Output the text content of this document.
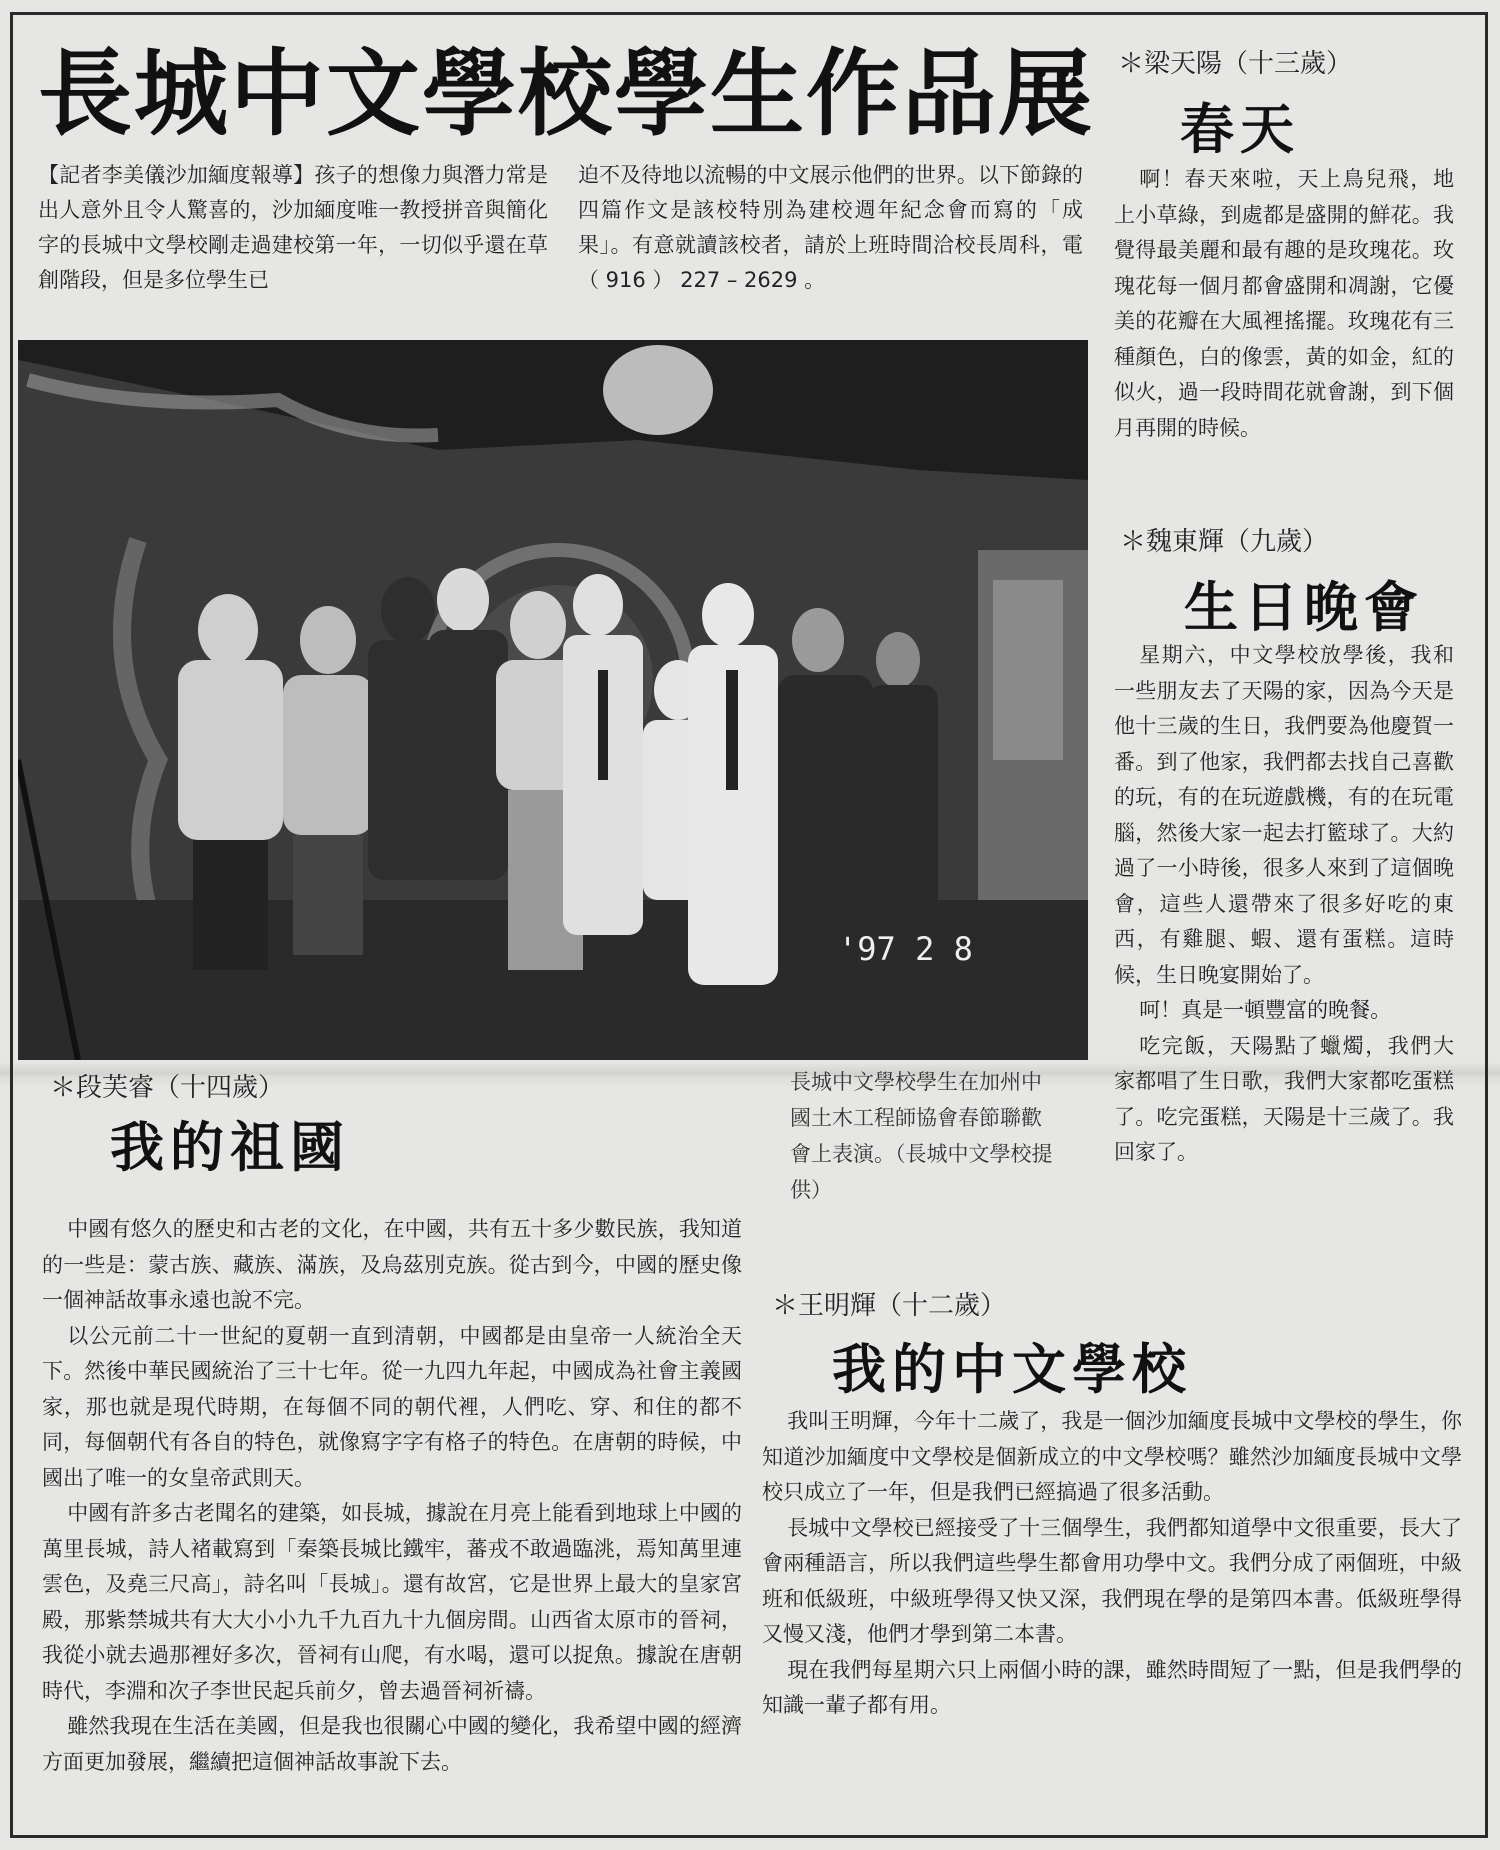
長城中文學校學生作品展
【記者李美儀沙加緬度報導】孩子的想像力與潛力常是出人意外且令人驚喜的，沙加緬度唯一教授拼音與簡化字的長城中文學校剛走過建校第一年，一切似乎還在草創階段，但是多位學生已
迫不及待地以流暢的中文展示他們的世界。以下節錄的四篇作文是該校特別為建校週年紀念會而寫的「成果」。有意就讀該校者，請於上班時間洽校長周科，電（ 916 ） 227 – 2629 。
'97 2 8
長城中文學校學生在加州中國土木工程師協會春節聯歡會上表演。（長城中文學校提供）
＊梁天陽（十三歲）
春天

啊！春天來啦，天上鳥兒飛，地上小草綠，到處都是盛開的鮮花。我覺得最美麗和最有趣的是玫瑰花。玫瑰花每一個月都會盛開和凋謝，它優美的花瓣在大風裡搖擺。玫瑰花有三種顏色，白的像雲，黃的如金，紅的似火，過一段時間花就會謝，到下個月再開的時候。

＊魏東輝（九歲）
生日晚會

星期六，中文學校放學後，我和一些朋友去了天陽的家，因為今天是他十三歲的生日，我們要為他慶賀一番。到了他家，我們都去找自己喜歡的玩，有的在玩遊戲機，有的在玩電腦，然後大家一起去打籃球了。大約過了一小時後，很多人來到了這個晚會，這些人還帶來了很多好吃的東西，有雞腿、蝦、還有蛋糕。這時候，生日晚宴開始了。

呵！真是一頓豐富的晚餐。

吃完飯，天陽點了蠟燭，我們大家都唱了生日歌，我們大家都吃蛋糕了。吃完蛋糕，天陽是十三歲了。我回家了。

＊段芙睿（十四歲）
我的祖國

中國有悠久的歷史和古老的文化，在中國，共有五十多少數民族，我知道的一些是：蒙古族、藏族、滿族，及烏茲別克族。從古到今，中國的歷史像一個神話故事永遠也說不完。

以公元前二十一世紀的夏朝一直到清朝，中國都是由皇帝一人統治全天下。然後中華民國統治了三十七年。從一九四九年起，中國成為社會主義國家，那也就是現代時期，在每個不同的朝代裡，人們吃、穿、和住的都不同，每個朝代有各自的特色，就像寫字字有格子的特色。在唐朝的時候，中國出了唯一的女皇帝武則天。

中國有許多古老聞名的建築，如長城，據說在月亮上能看到地球上中國的萬里長城，詩人褚載寫到「秦築長城比鐵牢，蕃戎不敢過臨洮，焉知萬里連雲色，及堯三尺高」，詩名叫「長城」。還有故宮，它是世界上最大的皇家宮殿，那紫禁城共有大大小小九千九百九十九個房間。山西省太原市的晉祠，我從小就去過那裡好多次，晉祠有山爬，有水喝，還可以捉魚。據說在唐朝時代，李淵和次子李世民起兵前夕，曾去過晉祠祈禱。

雖然我現在生活在美國，但是我也很關心中國的變化，我希望中國的經濟方面更加發展，繼續把這個神話故事說下去。

＊王明輝（十二歲）
我的中文學校

我叫王明輝，今年十二歲了，我是一個沙加緬度長城中文學校的學生，你知道沙加緬度中文學校是個新成立的中文學校嗎？雖然沙加緬度長城中文學校只成立了一年，但是我們已經搞過了很多活動。

長城中文學校已經接受了十三個學生，我們都知道學中文很重要，長大了會兩種語言，所以我們這些學生都會用功學中文。我們分成了兩個班，中級班和低級班，中級班學得又快又深，我們現在學的是第四本書。低級班學得又慢又淺，他們才學到第二本書。

現在我們每星期六只上兩個小時的課，雖然時間短了一點，但是我們學的知識一輩子都有用。
